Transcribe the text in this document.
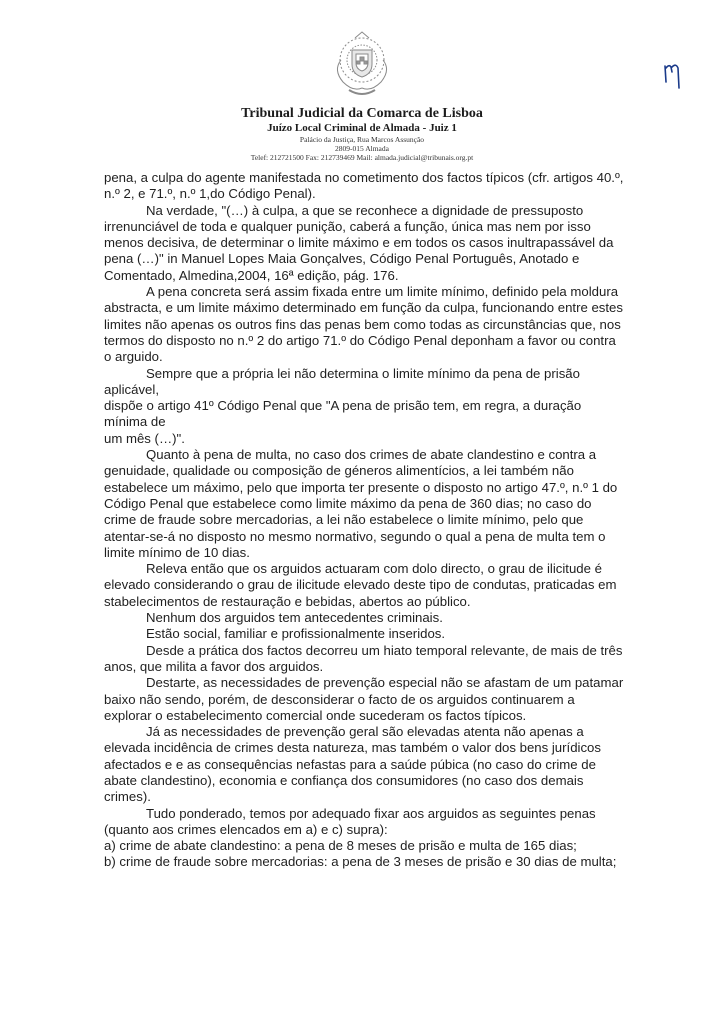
Tribunal Judicial da Comarca de Lisboa
Juízo Local Criminal de Almada - Juiz 1
Palácio da Justiça, Rua Marcos Assunção
2809-015 Almada
Telef: 212721500 Fax: 212739469 Mail: almada.judicial@tribunais.org.pt

pena, a culpa do agente manifestada no cometimento dos factos típicos (cfr. artigos 40.º, n.º 2, e 71.º, n.º 1,do Código Penal).

Na verdade, "(…) à culpa, a que se reconhece a dignidade de pressuposto irrenunciável de toda e qualquer punição, caberá a função, única mas nem por isso menos decisiva, de determinar o limite máximo e em todos os casos inultrapassável da pena (…)" in Manuel Lopes Maia Gonçalves, Código Penal Português, Anotado e Comentado, Almedina,2004, 16ª edição, pág. 176.

A pena concreta será assim fixada entre um limite mínimo, definido pela moldura abstracta, e um limite máximo determinado em função da culpa, funcionando entre estes limites não apenas os outros fins das penas bem como todas as circunstâncias que, nos termos do disposto no n.º 2 do artigo 71.º do Código Penal deponham a favor ou contra o arguido.

Sempre que a própria lei não determina o limite mínimo da pena de prisão aplicável,

dispõe o artigo 41º Código Penal que "A pena de prisão tem, em regra, a duração mínima de

um mês (…)".

Quanto à pena de multa, no caso dos crimes de abate clandestino e contra a genuidade, qualidade ou composição de géneros alimentícios, a lei também não estabelece um máximo, pelo que importa ter presente o disposto no artigo 47.º, n.º 1 do Código Penal que estabelece como limite máximo da pena de 360 dias; no caso do crime de fraude sobre mercadorias, a lei não estabelece o limite mínimo, pelo que atentar-se-á no disposto no mesmo normativo, segundo o qual a pena de multa tem o limite mínimo de 10 dias.

Releva então que os arguidos actuaram com dolo directo, o grau de ilicitude é elevado considerando o grau de ilicitude elevado deste tipo de condutas, praticadas em stabelecimentos de restauração e bebidas, abertos ao público.

Nenhum dos arguidos tem antecedentes criminais.

Estão social, familiar e profissionalmente inseridos.

Desde a prática dos factos decorreu um hiato temporal relevante, de mais de três anos, que milita a favor dos arguidos.

Destarte, as necessidades de prevenção especial não se afastam de um patamar baixo não sendo, porém, de desconsiderar o facto de os arguidos continuarem a explorar o estabelecimento comercial onde sucederam os factos típicos.

Já as necessidades de prevenção geral são elevadas atenta não apenas a elevada incidência de crimes desta natureza, mas também o valor dos bens jurídicos afectados e e as consequências nefastas para a saúde púbica (no caso do crime de abate clandestino), economia e confiança dos consumidores (no caso dos demais crimes).

Tudo ponderado, temos por adequado fixar aos arguidos as seguintes penas (quanto aos crimes elencados em a) e c) supra):

a) crime de abate clandestino: a pena de 8 meses de prisão e multa de 165 dias;
b) crime de fraude sobre mercadorias: a pena de 3 meses de prisão e 30 dias de multa;
